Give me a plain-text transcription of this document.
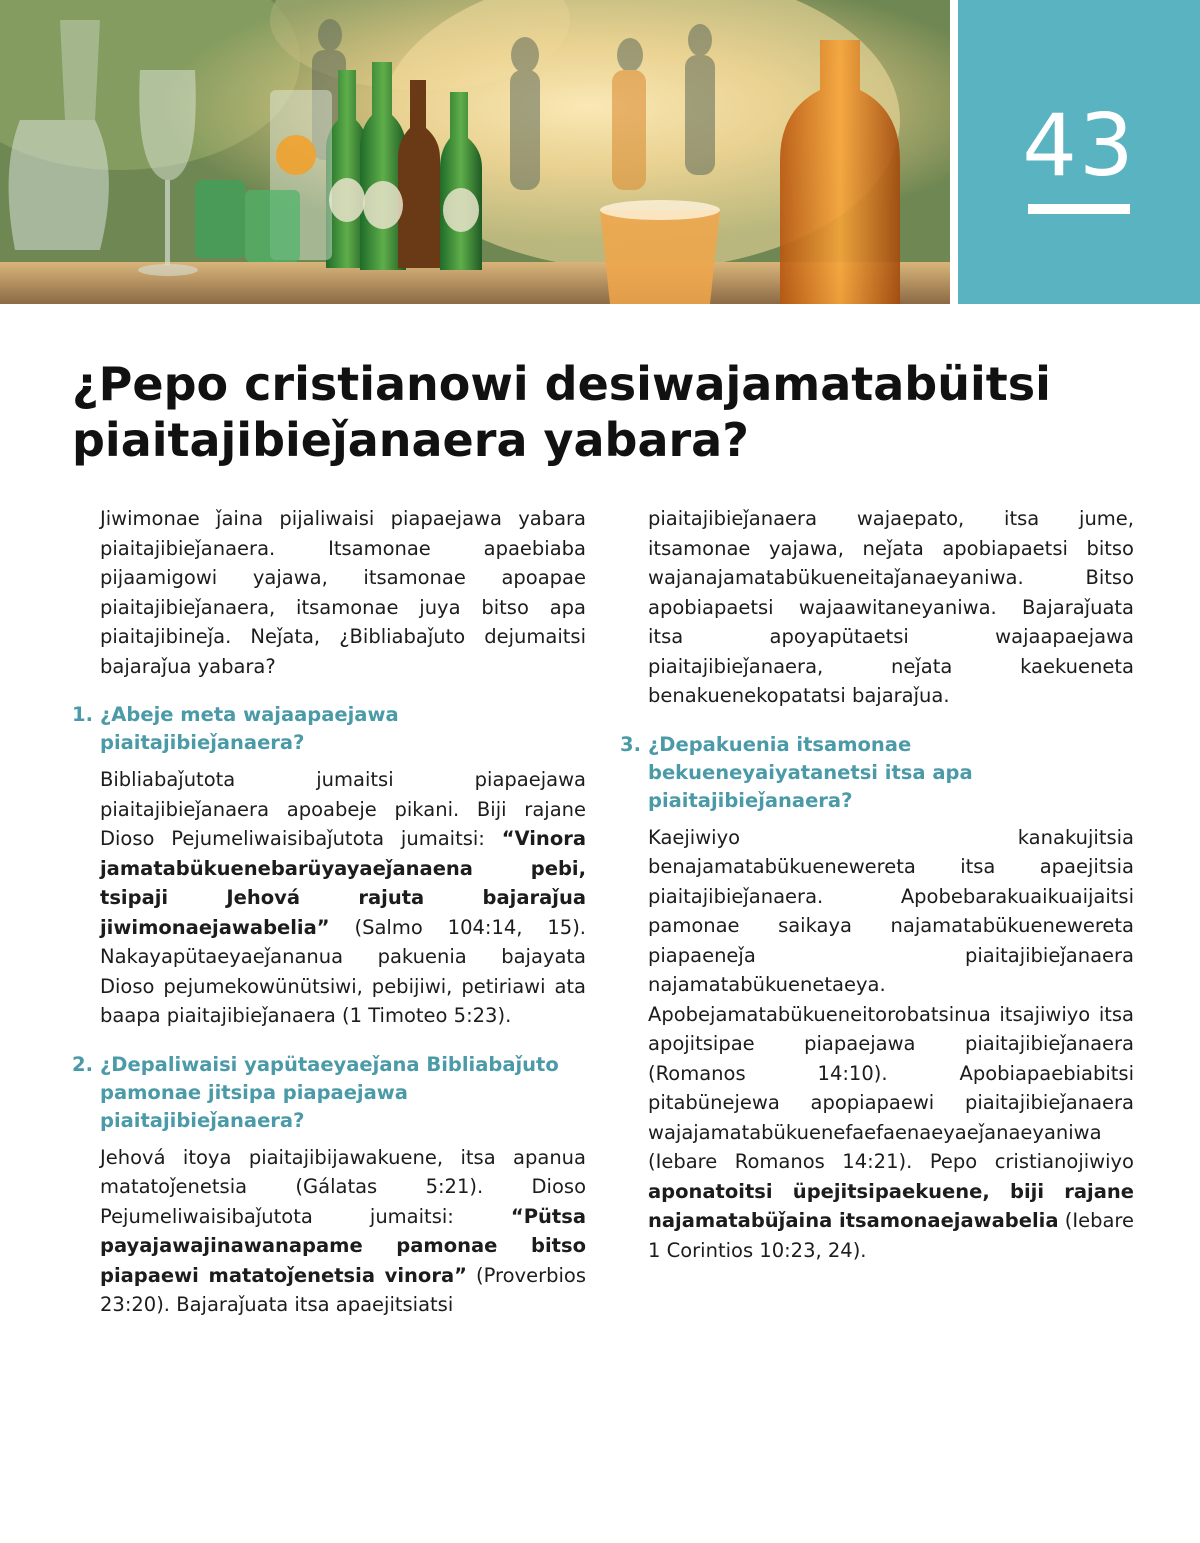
43
¿Pepo cristianowi desiwajamatabüitsi piaitajibieǰanaera yabara?

Jiwimonae ǰaina pijaliwaisi piapaejawa yabara piaitajibieǰanaera. Itsamonae apaebiaba pijaamigowi yajawa, itsamonae apoapae piaitajibieǰanaera, itsamonae juya bitso apa piaitajibineǰa. Neǰata, ¿Bibliabaǰuto dejumaitsi bajaraǰua yabara?

1. ¿Abeje meta wajaapaejawa piaitajibieǰanaera?

Bibliabaǰutota jumaitsi piapaejawa piaitajibieǰanaera apoabeje pikani. Biji rajane Dioso Pejumeliwaisibaǰutota jumaitsi: “Vinora jamatabükuenebarüyayaeǰanaena pebi, tsipaji Jehová rajuta bajaraǰua jiwimonaejawabelia” (Salmo 104:14, 15). Nakayapütaeyaeǰananua pakuenia bajayata Dioso pejumekowünütsiwi, pebijiwi, petiriawi ata baapa piaitajibieǰanaera (1 Timoteo 5:23).

2. ¿Depaliwaisi yapütaeyaeǰana Bibliabaǰuto pamonae jitsipa piapaejawa piaitajibieǰanaera?

Jehová itoya piaitajibijawakuene, itsa apanua matatoǰenetsia (Gálatas 5:21). Dioso Pejumeliwaisibaǰutota jumaitsi: “Pütsa payajawajinawanapame pamonae bitso piapaewi matatoǰenetsia vinora” (Proverbios 23:20). Bajaraǰuata itsa apaejitsiatsi

piaitajibieǰanaera wajaepato, itsa jume, itsamonae yajawa, neǰata apobiapaetsi bitso wajanajamatabükueneitaǰanaeyaniwa. Bitso apobiapaetsi wajaawitaneyaniwa. Bajaraǰuata itsa apoyapütaetsi wajaapaejawa piaitajibieǰanaera, neǰata kaekueneta benakuenekopatatsi bajaraǰua.

3. ¿Depakuenia itsamonae bekueneyaiyatanetsi itsa apa piaitajibieǰanaera?

Kaejiwiyo kanakujitsia benajamatabükuenewereta itsa apaejitsia piaitajibieǰanaera. Apobebarakuaikuaijaitsi pamonae saikaya najamatabükuenewereta piapaeneǰa piaitajibieǰanaera najamatabükuenetaeya. Apobejamatabükueneitorobatsinua itsajiwiyo itsa apojitsipae piapaejawa piaitajibieǰanaera (Romanos 14:10). Apobiapaebiabitsi pitabünejewa apopiapaewi piaitajibieǰanaera wajajamatabükuenefaefaenaeyaeǰanaeyaniwa (Iebare Romanos 14:21). Pepo cristianojiwiyo aponatoitsi üpejitsipaekuene, biji rajane najamatabüǰaina itsamonaejawabelia (Iebare 1 Corintios 10:23, 24).
